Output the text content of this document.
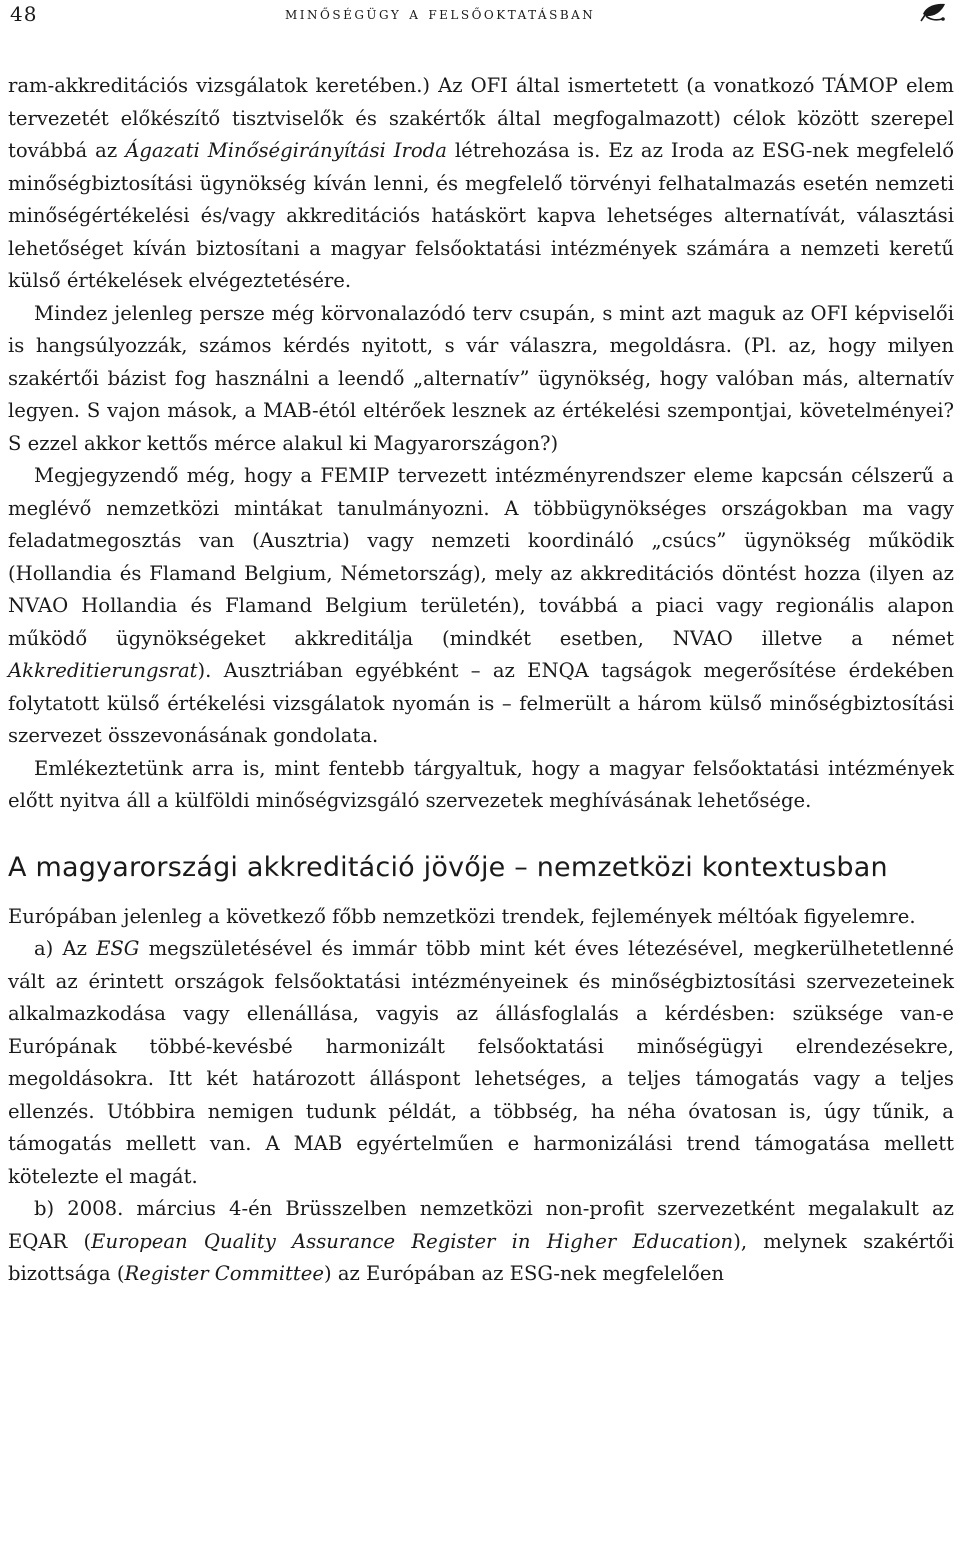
48	minőségügy a felsőoktatásban

ram-akkreditációs vizsgálatok keretében.) Az OFI által ismertetett (a vonatkozó TÁMOP elem tervezetét előkészítő tisztviselők és szakértők által megfogalmazott) célok között szerepel továbbá az Ágazati Minőségirányítási Iroda létrehozása is. Ez az Iroda az ESG-nek megfelelő minőségbiztosítási ügynökség kíván lenni, és megfelelő törvényi felhatalmazás esetén nemzeti minőségértékelési és/vagy akkreditációs hatáskört kapva lehetséges alternatívát, választási lehetőséget kíván biztosítani a magyar felsőoktatási intézmények számára a nemzeti keretű külső értékelések elvégeztetésére.

Mindez jelenleg persze még körvonalazódó terv csupán, s mint azt maguk az OFI képviselői is hangsúlyozzák, számos kérdés nyitott, s vár válaszra, megoldásra. (Pl. az, hogy milyen szakértői bázist fog használni a leendő „alternatív” ügynökség, hogy valóban más, alternatív legyen. S vajon mások, a MAB-étól eltérőek lesznek az értékelési szempontjai, követelményei? S ezzel akkor kettős mérce alakul ki Magyarországon?)

Megjegyzendő még, hogy a FEMIP tervezett intézményrendszer eleme kapcsán célszerű a meglévő nemzetközi mintákat tanulmányozni. A többügynökséges országokban ma vagy feladatmegosztás van (Ausztria) vagy nemzeti koordináló „csúcs” ügynökség működik (Hollandia és Flamand Belgium, Németország), mely az akkreditációs döntést hozza (ilyen az NVAO Hollandia és Flamand Belgium területén), továbbá a piaci vagy regionális alapon működő ügynökségeket akkreditálja (mindkét esetben, NVAO illetve a német Akkreditierungsrat). Ausztriában egyébként – az ENQA tagságok megerősítése érdekében folytatott külső értékelési vizsgálatok nyomán is – felmerült a három külső minőségbiztosítási szervezet összevonásának gondolata.

Emlékeztetünk arra is, mint fentebb tárgyaltuk, hogy a magyar felsőoktatási intézmények előtt nyitva áll a külföldi minőségvizsgáló szervezetek meghívásának lehetősége.

A magyarországi akkreditáció jövője – nemzetközi kontextusban

Európában jelenleg a következő főbb nemzetközi trendek, fejlemények méltóak figyelemre.

a) Az ESG megszületésével és immár több mint két éves létezésével, megkerülhetetlenné vált az érintett országok felsőoktatási intézményeinek és minőségbiztosítási szervezeteinek alkalmazkodása vagy ellenállása, vagyis az állásfoglalás a kérdésben: szüksége van-e Európának többé-kevésbé harmonizált felsőoktatási minőségügyi elrendezésekre, megoldásokra. Itt két határozott álláspont lehetséges, a teljes támogatás vagy a teljes ellenzés. Utóbbira nemigen tudunk példát, a többség, ha néha óvatosan is, úgy tűnik, a támogatás mellett van. A MAB egyértelműen e harmonizálási trend támogatása mellett kötelezte el magát.

b) 2008. március 4-én Brüsszelben nemzetközi non-profit szervezetként megalakult az EQAR (European Quality Assurance Register in Higher Education), melynek szakértői bizottsága (Register Committee) az Európában az ESG-nek megfelelően
